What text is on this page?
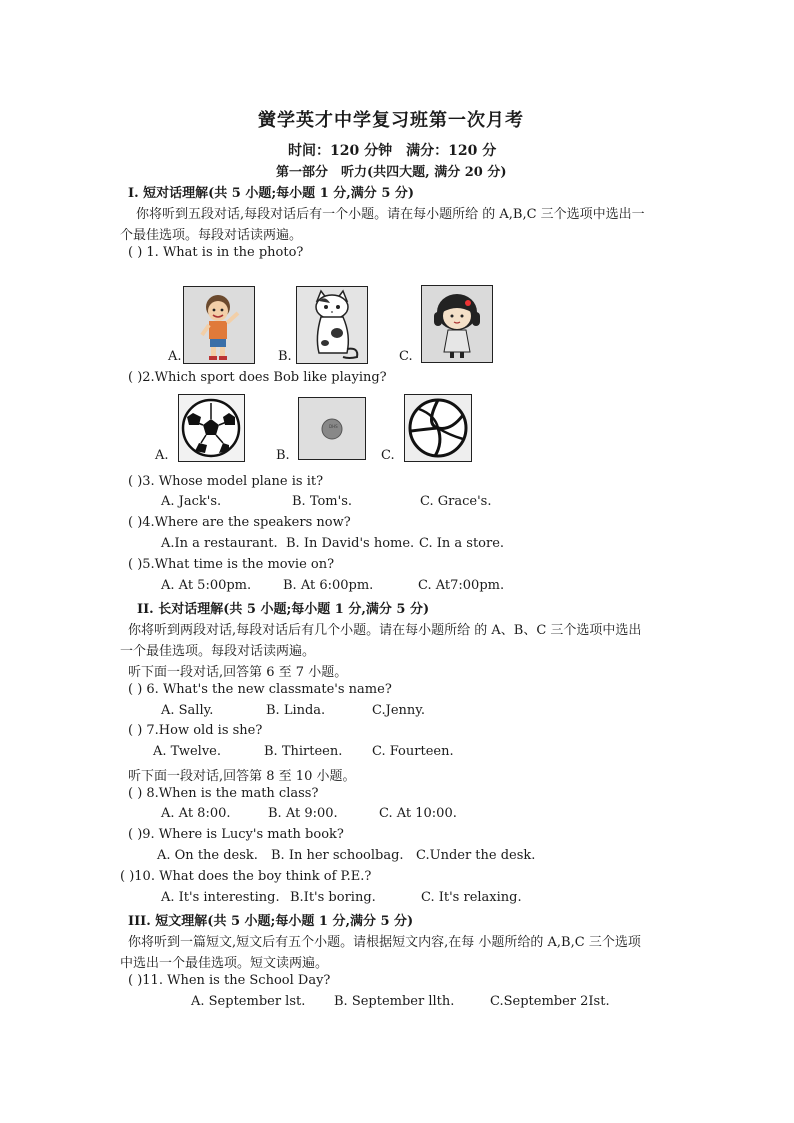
黉学英才中学复习班第一次月考
时间：120 分钟　满分：120 分
第一部分　听力(共四大题, 满分 20 分)
I. 短对话理解(共 5 小题;每小题 1 分,满分 5 分)
你将听到五段对话,每段对话后有一个小题。请在每小题所给 的 A,B,C 三个选项中选出一
个最佳选项。每段对话读两遍。
( ) 1. What is in the photo?
A.	B.	C.
( )2.Which sport does Bob like playing?
DHS
A.	B.	C.
( )3. Whose model plane is it?
A. Jack's.	B. Tom's.	C. Grace's.
( )4.Where are the speakers now?
A.In a restaurant. B. In David's home. C. In a store.
( )5.What time is the movie on?
A. At 5:00pm. B. At 6:00pm.	C. At7:00pm.
II. 长对话理解(共 5 小题;每小题 1 分,满分 5 分)
你将听到两段对话,每段对话后有几个小题。请在每小题所给 的 A、B、C 三个选项中选出
一个最佳选项。每段对话读两遍。
听下面一段对话,回答第 6 至 7 小题。
( ) 6. What's the new classmate's name?
A. Sally.	B. Linda.	C.Jenny.
( ) 7.How old is she?
A. Twelve.	B. Thirteen. C. Fourteen.
听下面一段对话,回答第 8 至 10 小题。
( ) 8.When is the math class?
A. At 8:00.	B. At 9:00.	C. At 10:00.
( )9. Where is Lucy's math book?
A. On the desk. B. In her schoolbag. C.Under the desk.
( )10. What does the boy think of P.E.?
A. It's interesting. B.It's boring.	C. It's relaxing.
III. 短文理解(共 5 小题;每小题 1 分,满分 5 分)
你将听到一篇短文,短文后有五个小题。请根据短文内容,在每 小题所给的 A,B,C 三个选项
中选出一个最佳选项。短文读两遍。
( )11. When is the School Day?
A. September lst. B. September llth.	C.September 2Ist.
